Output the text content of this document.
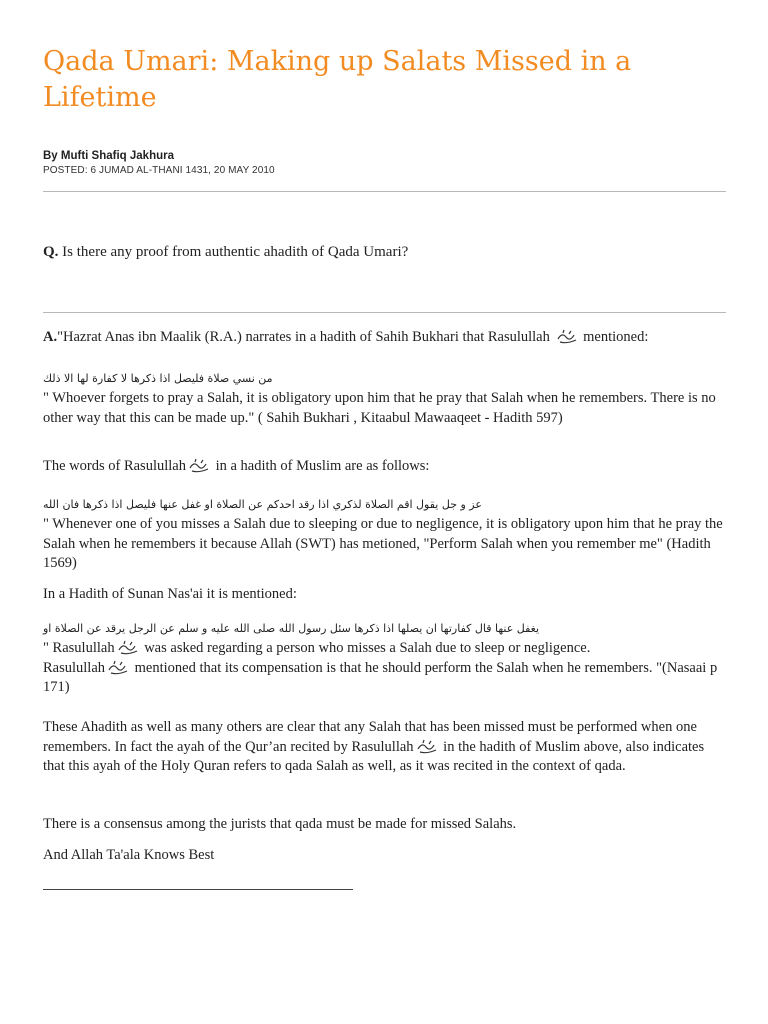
Qada Umari: Making up Salats Missed in a Lifetime
By Mufti Shafiq Jakhura
POSTED: 6 JUMAD AL-THANI 1431, 20 MAY 2010
Q. Is there any proof from authentic ahadith of Qada Umari?

A."Hazrat Anas ibn Maalik (R.A.) narrates in a hadith of Sahih Bukhari that Rasulullah  mentioned:

من نسي صلاة فليصل اذا ذكرها لا كفارة لها الا ذلك

" Whoever forgets to pray a Salah, it is obligatory upon him that he pray that Salah when he remembers. There is no other way that this can be made up." ( Sahih Bukhari , Kitaabul Mawaaqeet - Hadith 597)

The words of Rasulullah in a hadith of Muslim are as follows:

عز و جل يقول اقم الصلاة لذكري اذا رقد احدكم عن الصلاة او غفل عنها فليصل اذا ذكرها فان الله

" Whenever one of you misses a Salah due to sleeping or due to negligence, it is obligatory upon him that he pray the Salah when he remembers it because Allah (SWT) has metioned, "Perform Salah when you remember me" (Hadith 1569)

In a Hadith of Sunan Nas'ai it is mentioned:

يغفل عنها قال كفارتها ان يصلها اذا ذكرها سئل رسول الله صلى الله عليه و سلم عن الرجل يرقد عن الصلاة او

" Rasulullah was asked regarding a person who misses a Salah due to sleep or negligence.
Rasulullah mentioned that its compensation is that he should perform the Salah when he remembers. "(Nasaai p 171)

These Ahadith as well as many others are clear that any Salah that has been missed must be performed when one remembers. In fact the ayah of the Qur’an recited by Rasulullah in the hadith of Muslim above, also indicates that this ayah of the Holy Quran refers to qada Salah as well, as it was recited in the context of qada.

There is a consensus among the jurists that qada must be made for missed Salahs.

And Allah Ta'ala Knows Best
